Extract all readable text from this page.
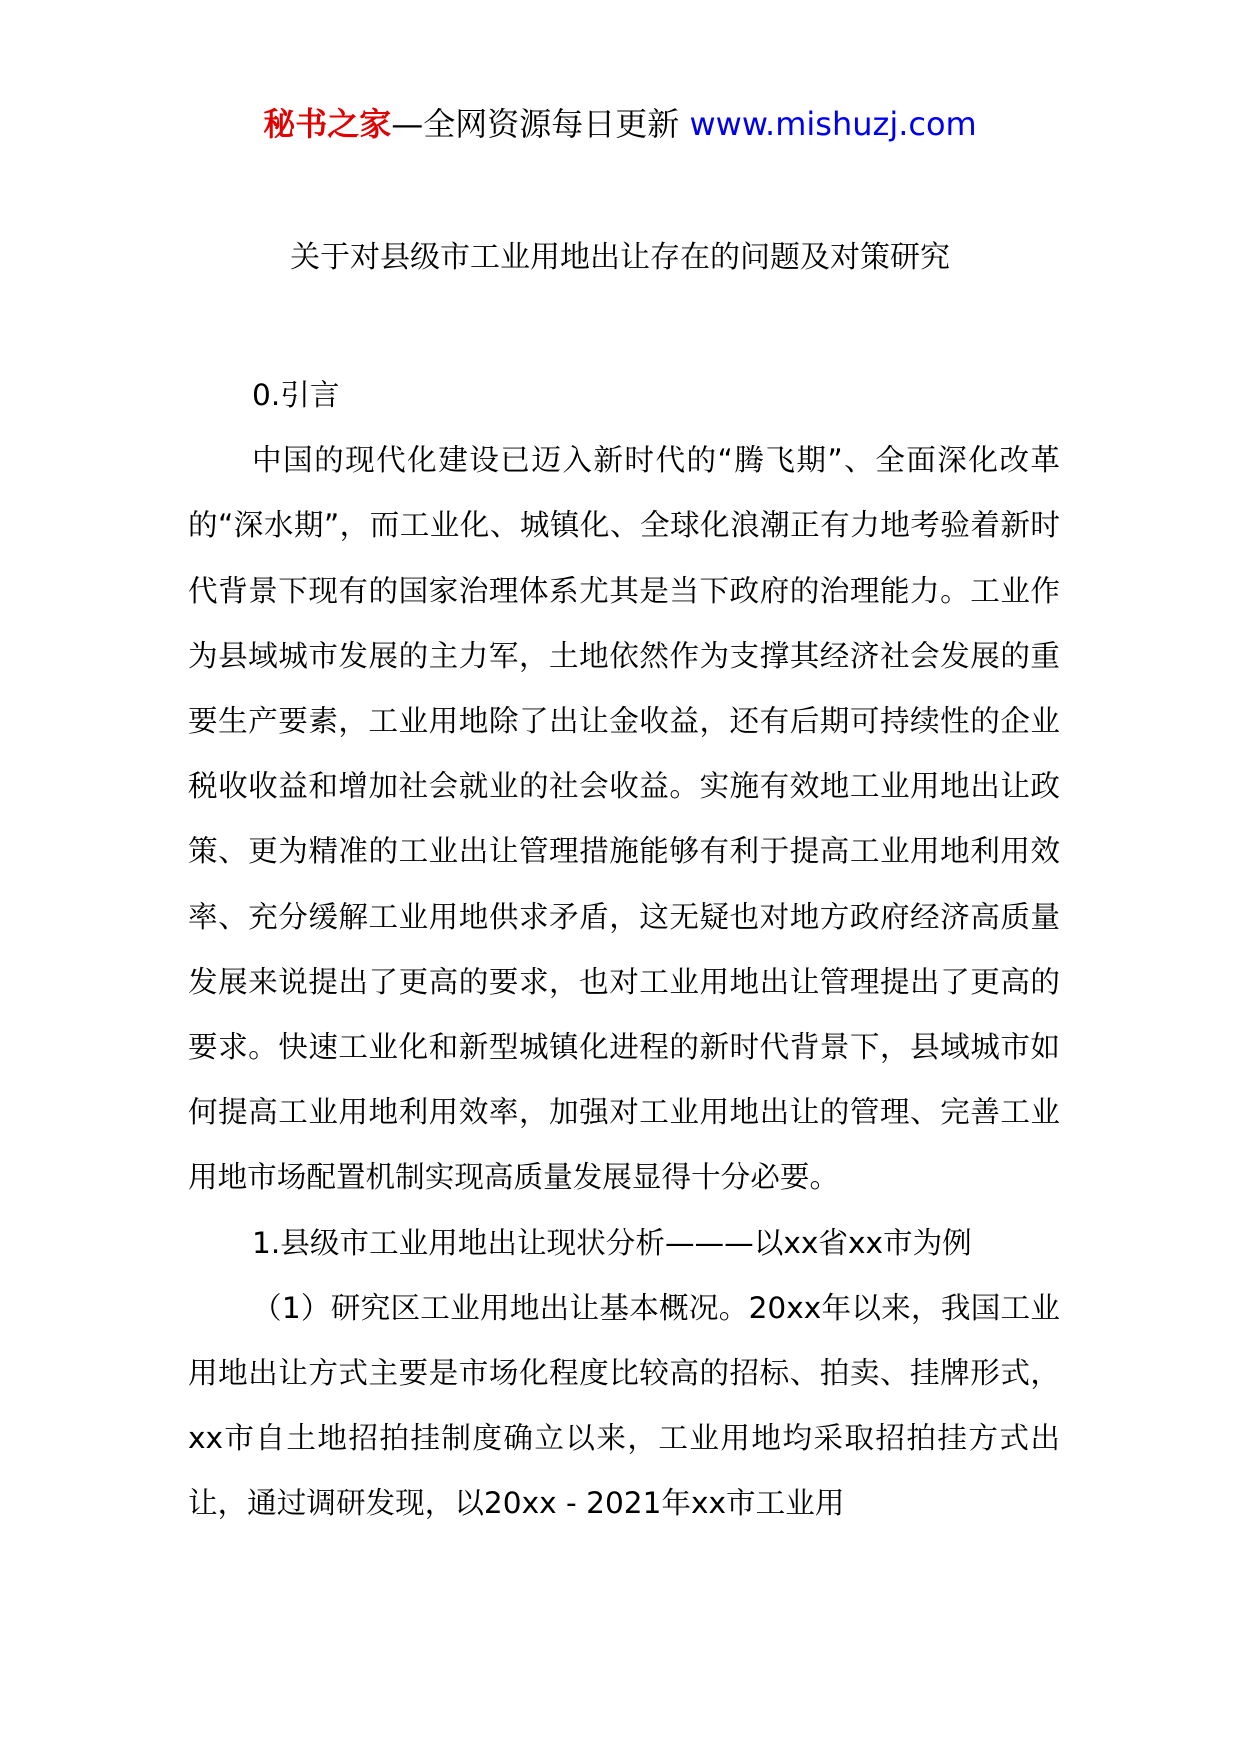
秘书之家—全网资源每日更新 www.mishuzj.com
关于对县级市工业用地出让存在的问题及对策研究

0.引言

中国的现代化建设已迈入新时代的“腾飞期”、全面深化改革的“深水期”，而工业化、城镇化、全球化浪潮正有力地考验着新时代背景下现有的国家治理体系尤其是当下政府的治理能力。工业作为县域城市发展的主力军，土地依然作为支撑其经济社会发展的重要生产要素，工业用地除了出让金收益，还有后期可持续性的企业税收收益和增加社会就业的社会收益。实施有效地工业用地出让政策、更为精准的工业出让管理措施能够有利于提高工业用地利用效率、充分缓解工业用地供求矛盾，这无疑也对地方政府经济高质量发展来说提出了更高的要求，也对工业用地出让管理提出了更高的要求。快速工业化和新型城镇化进程的新时代背景下，县域城市如何提高工业用地利用效率，加强对工业用地出让的管理、完善工业用地市场配置机制实现高质量发展显得十分必要。

1.县级市工业用地出让现状分析———以xx省xx市为例

（1）研究区工业用地出让基本概况。20xx年以来，我国工业用地出让方式主要是市场化程度比较高的招标、拍卖、挂牌形式，xx市自土地招拍挂制度确立以来，工业用地均采取招拍挂方式出让，通过调研发现，以20xx - 2021年xx市工业用
